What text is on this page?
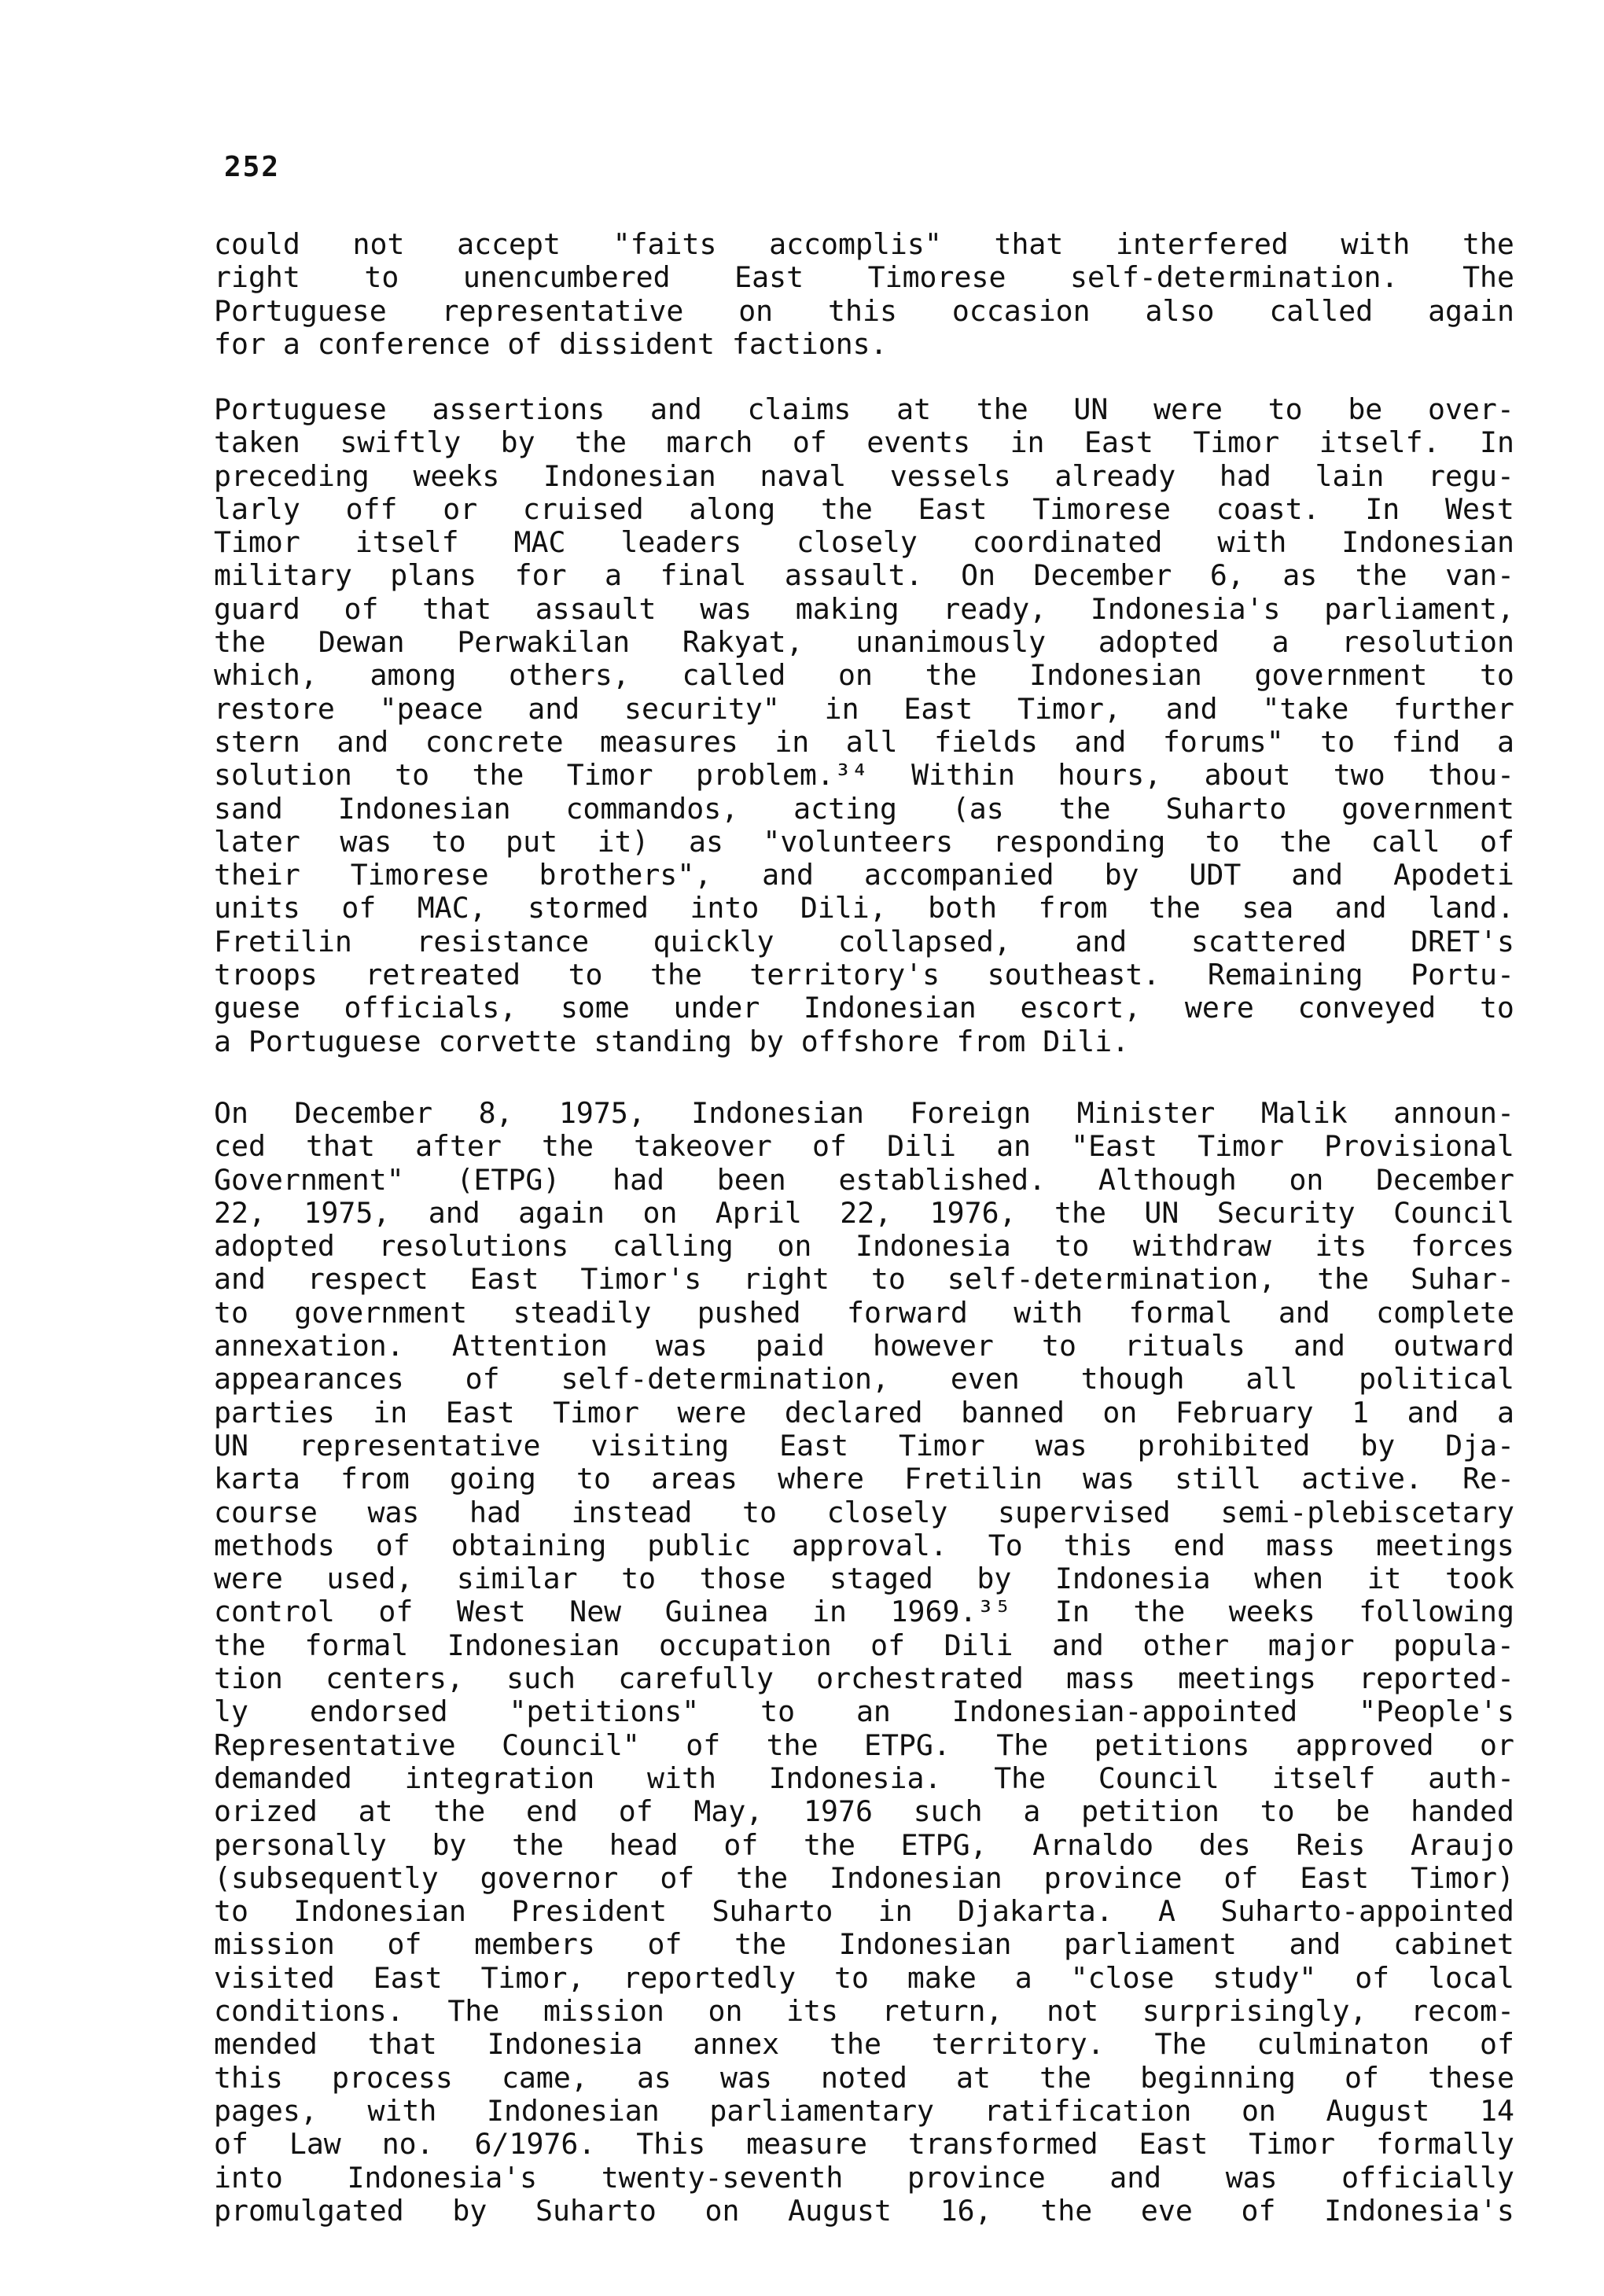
252
could not accept "faits accomplis" that interfered with the
right to unencumbered East Timorese self-determination. The
Portuguese representative on this occasion also called again
for a conference of dissident factions.
Portuguese assertions and claims at the UN were to be over-
taken swiftly by the march of events in East Timor itself. In
preceding weeks Indonesian naval vessels already had lain regu-
larly off or cruised along the East Timorese coast. In West
Timor itself MAC leaders closely coordinated with Indonesian
military plans for a final assault. On December 6, as the van-
guard of that assault was making ready, Indonesia's parliament,
the Dewan Perwakilan Rakyat, unanimously adopted a resolution
which, among others, called on the Indonesian government to
restore "peace and security" in East Timor, and "take further
stern and concrete measures in all fields and forums" to find a
solution to the Timor problem.³⁴ Within hours, about two thou-
sand Indonesian commandos, acting (as the Suharto government
later was to put it) as "volunteers responding to the call of
their Timorese brothers", and accompanied by UDT and Apodeti
units of MAC, stormed into Dili, both from the sea and land.
Fretilin resistance quickly collapsed, and scattered DRET's
troops retreated to the territory's southeast. Remaining Portu-
guese officials, some under Indonesian escort, were conveyed to
a Portuguese corvette standing by offshore from Dili.
On December 8, 1975, Indonesian Foreign Minister Malik announ-
ced that after the takeover of Dili an "East Timor Provisional
Government" (ETPG) had been established. Although on December
22, 1975, and again on April 22, 1976, the UN Security Council
adopted resolutions calling on Indonesia to withdraw its forces
and respect East Timor's right to self-determination, the Suhar-
to government steadily pushed forward with formal and complete
annexation. Attention was paid however to rituals and outward
appearances of self-determination, even though all political
parties in East Timor were declared banned on February 1 and a
UN representative visiting East Timor was prohibited by Dja-
karta from going to areas where Fretilin was still active. Re-
course was had instead to closely supervised semi-plebiscetary
methods of obtaining public approval. To this end mass meetings
were used, similar to those staged by Indonesia when it took
control of West New Guinea in 1969.³⁵ In the weeks following
the formal Indonesian occupation of Dili and other major popula-
tion centers, such carefully orchestrated mass meetings reported-
ly endorsed "petitions" to an Indonesian-appointed "People's
Representative Council" of the ETPG. The petitions approved or
demanded integration with Indonesia. The Council itself auth-
orized at the end of May, 1976 such a petition to be handed
personally by the head of the ETPG, Arnaldo des Reis Araujo
(subsequently governor of the Indonesian province of East Timor)
to Indonesian President Suharto in Djakarta. A Suharto-appointed
mission of members of the Indonesian parliament and cabinet
visited East Timor, reportedly to make a "close study" of local
conditions. The mission on its return, not surprisingly, recom-
mended that Indonesia annex the territory. The culminaton of
this process came, as was noted at the beginning of these
pages, with Indonesian parliamentary ratification on August 14
of Law no. 6/1976. This measure transformed East Timor formally
into Indonesia's twenty-seventh province and was officially
promulgated by Suharto on August 16, the eve of Indonesia's
